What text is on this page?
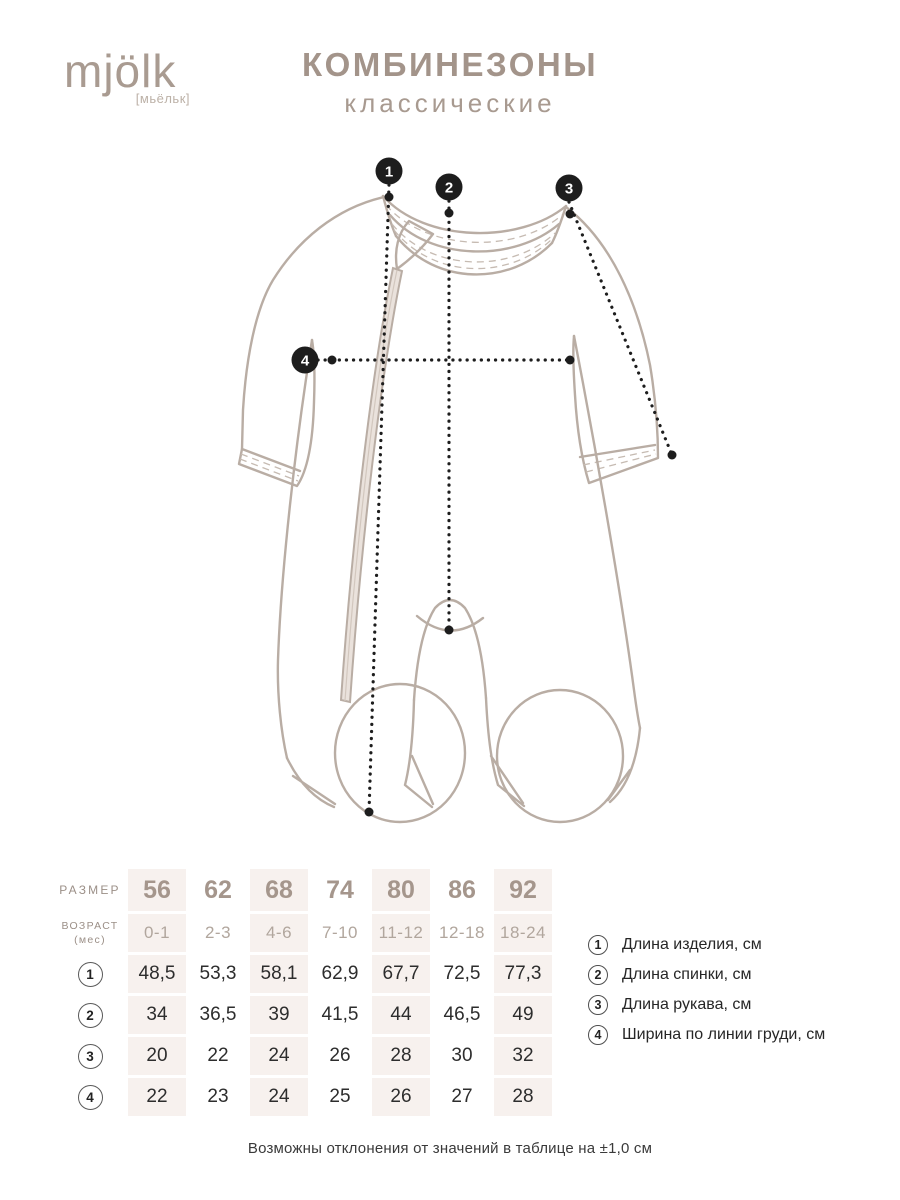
mjölk
[мьёльк]
КОМБИНЕЗОНЫ
классические
1
2	3
4
РАЗМЕР 56 62 68 74 80 86 92
ВОЗРАСТ
(мес)	0-1 2-3 4-6 7-10 11-12 12-18 18-24
1	48,5 53,3 58,1 62,9 67,7 72,5 77,3
2	34 36,5 39 41,5 44 46,5 49
3	20 22 24 26 28 30 32
4	22 23 24 25 26 27 28
1	Длина изделия, см
2	Длина спинки, см
3	Длина рукава, см
4	Ширина по линии груди, см
Возможны отклонения от значений в таблице на ±1,0 см
